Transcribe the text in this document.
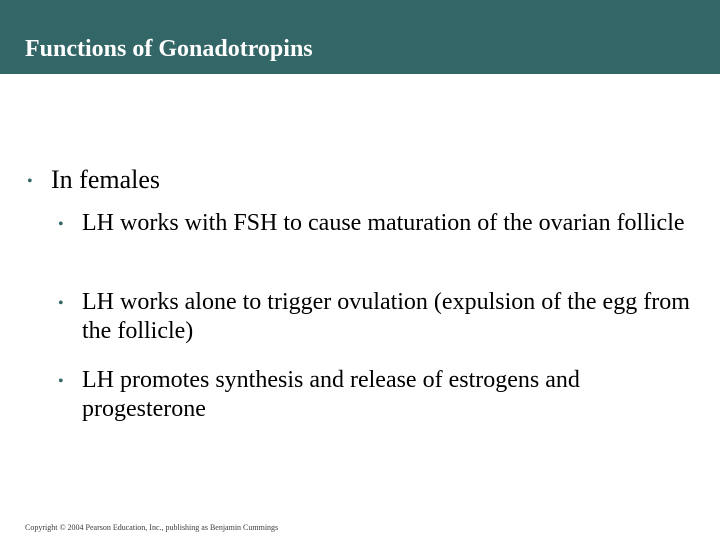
Functions of Gonadotropins
• In females
• LH works with FSH to cause maturation of the ovarian follicle
• LH works alone to trigger ovulation (expulsion of the egg from the follicle)
• LH promotes synthesis and release of estrogens and progesterone
Copyright © 2004 Pearson Education, Inc., publishing as Benjamin Cummings
